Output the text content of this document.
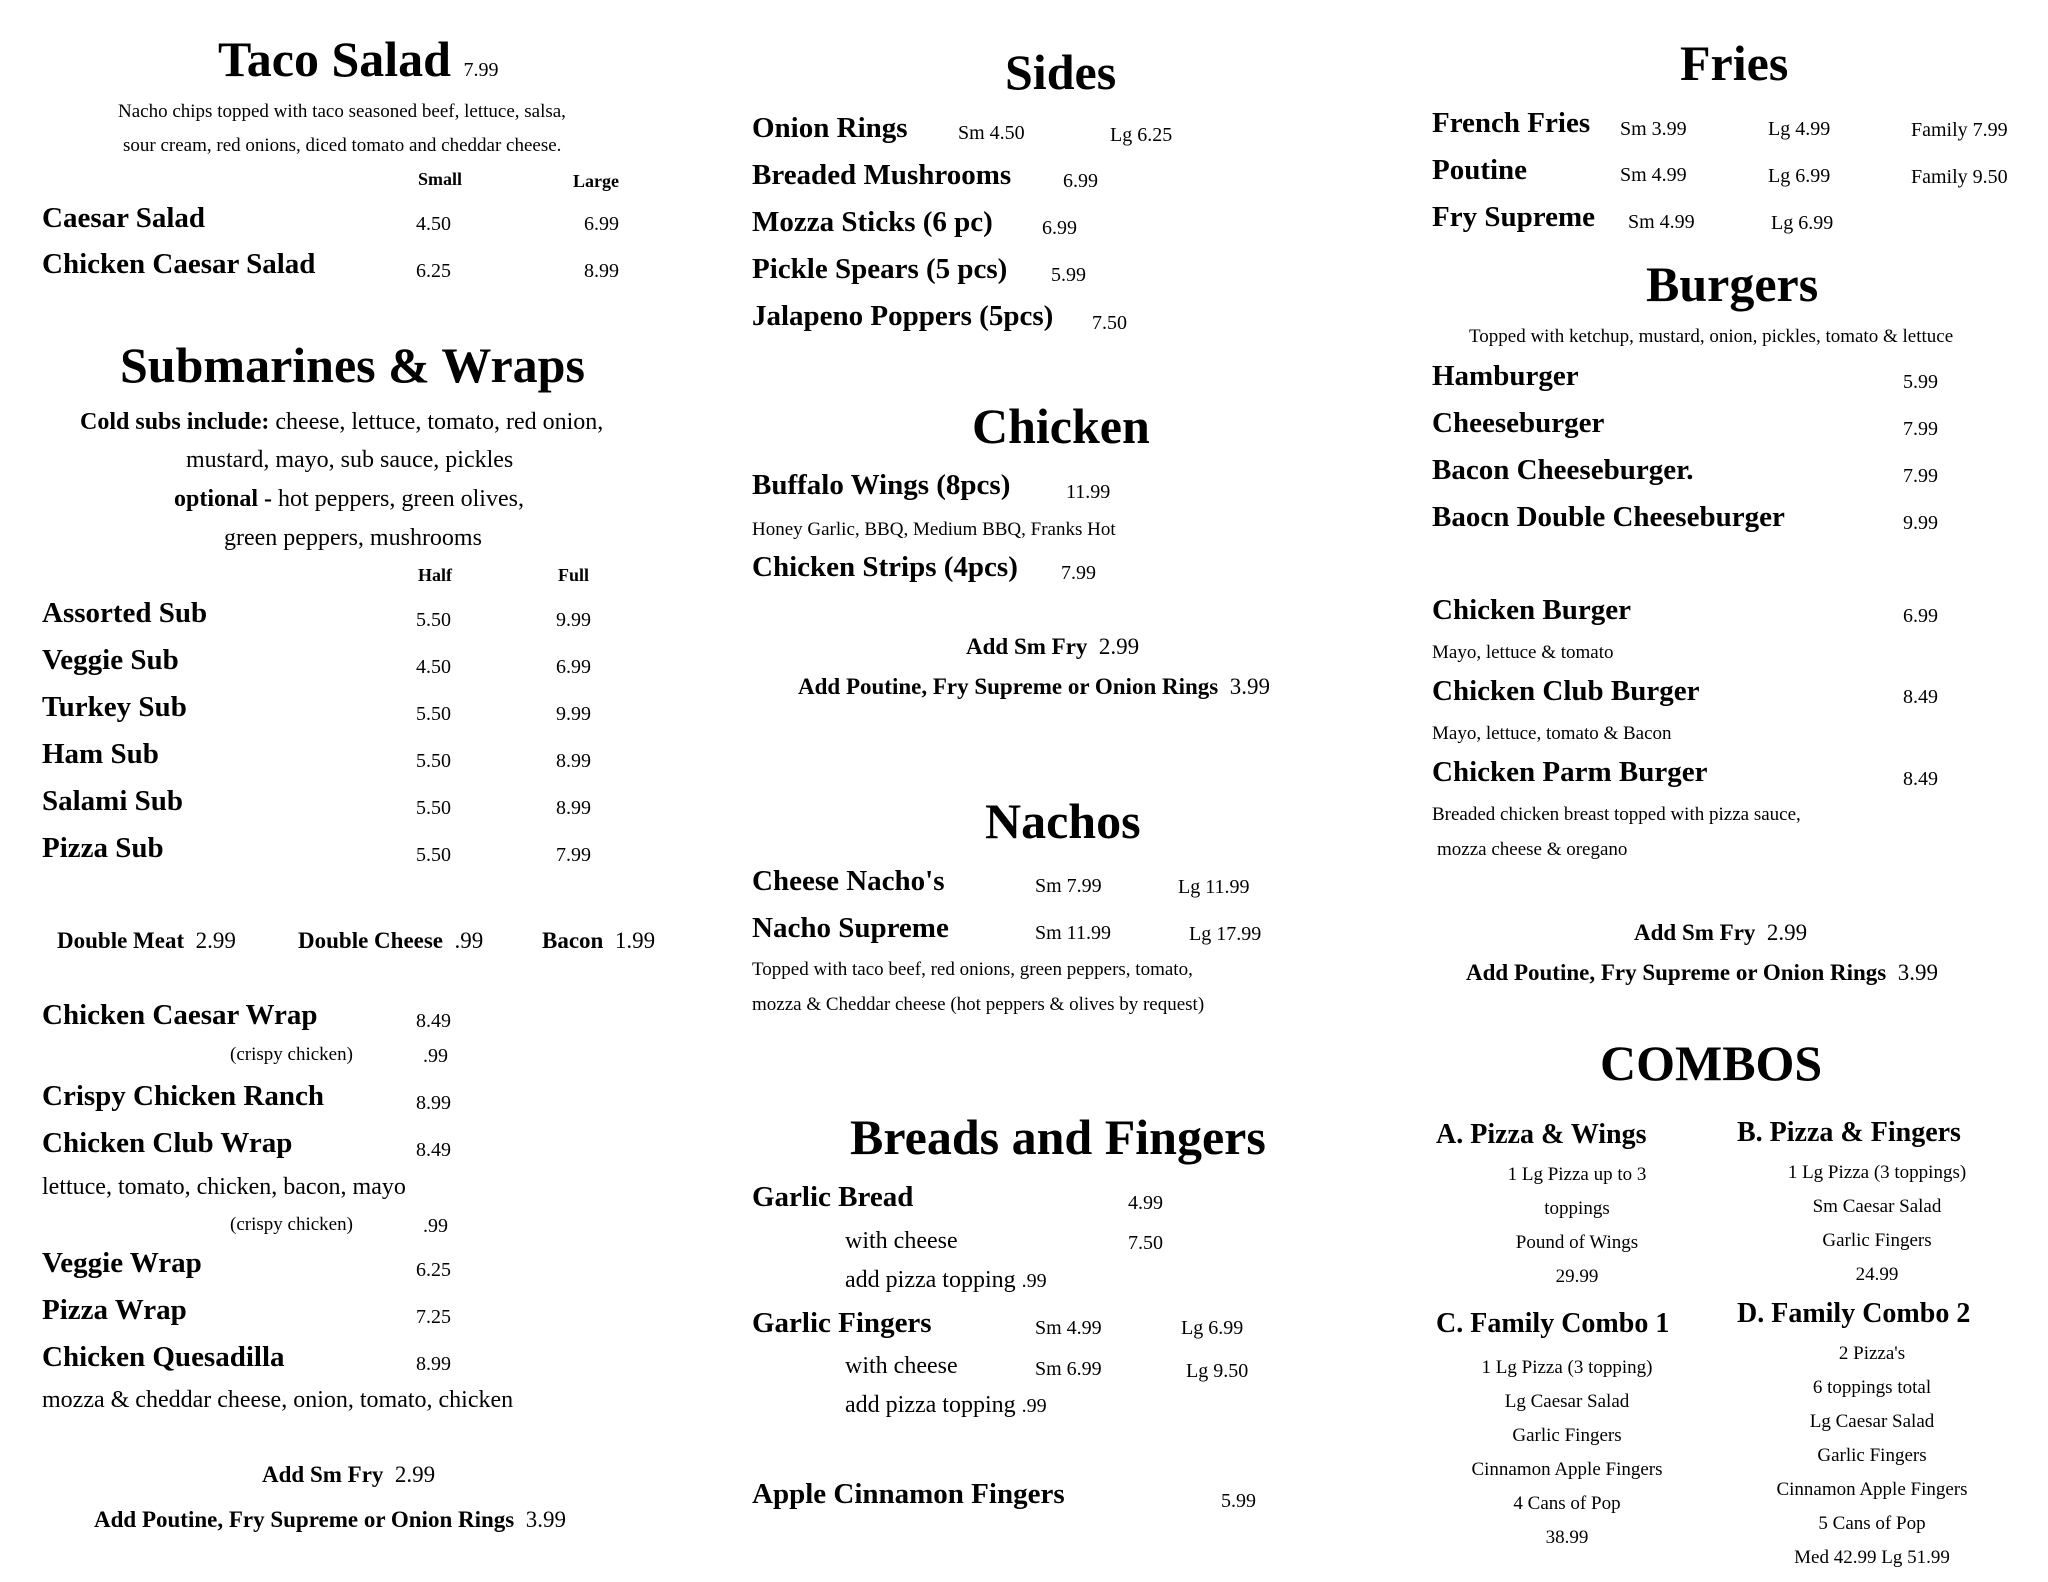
Taco Salad 7.99
Nacho chips topped with taco seasoned beef, lettuce, salsa,
sour cream, red onions, diced tomato and cheddar cheese.
Small	Large
Caesar Salad	4.50	6.99
Chicken Caesar Salad	6.25	8.99
Submarines & Wraps
Cold subs include: cheese, lettuce, tomato, red onion,
mustard, mayo, sub sauce, pickles
optional - hot peppers, green olives,
green peppers, mushrooms
Half	Full
Assorted Sub	5.50	9.99
Veggie Sub	4.50	6.99
Turkey Sub	5.50	9.99
Ham Sub	5.50	8.99
Salami Sub	5.50	8.99
Pizza Sub	5.50	7.99
Double Meat 2.99	Double Cheese .99	Bacon 1.99
Chicken Caesar Wrap	8.49
(crispy chicken)	.99
Crispy Chicken Ranch	8.99
Chicken Club Wrap	8.49
lettuce, tomato, chicken, bacon, mayo
(crispy chicken)	.99
Veggie Wrap	6.25
Pizza Wrap	7.25
Chicken Quesadilla	8.99
mozza & cheddar cheese, onion, tomato, chicken
Add Sm Fry 2.99
Add Poutine, Fry Supreme or Onion Rings 3.99
Sides
Onion Rings	Sm 4.50	Lg 6.25
Breaded Mushrooms	6.99
Mozza Sticks (6 pc) 6.99
Pickle Spears (5 pcs) 5.99
Jalapeno Poppers (5pcs) 7.50
Chicken
Buffalo Wings (8pcs)	11.99
Honey Garlic, BBQ, Medium BBQ, Franks Hot
Chicken Strips (4pcs) 7.99
Add Sm Fry 2.99
Add Poutine, Fry Supreme or Onion Rings 3.99
Nachos
Cheese Nacho's	Sm 7.99	Lg 11.99
Nacho Supreme	Sm 11.99	Lg 17.99
Topped with taco beef, red onions, green peppers, tomato,
mozza & Cheddar cheese (hot peppers & olives by request)
Breads and Fingers
Garlic Bread	4.99
with cheese	7.50
add pizza topping .99
Garlic Fingers	Sm 4.99	Lg 6.99
with cheese	Sm 6.99	Lg 9.50
add pizza topping .99
Apple Cinnamon Fingers	5.99
Fries
French Fries Sm 3.99	Lg 4.99	Family 7.99
Poutine	Sm 4.99	Lg 6.99	Family 9.50
Fry Supreme Sm 4.99	Lg 6.99
Burgers
Topped with ketchup, mustard, onion, pickles, tomato & lettuce
Hamburger	5.99
Cheeseburger	7.99
Bacon Cheeseburger.	7.99
Baocn Double Cheeseburger	9.99
Chicken Burger	6.99
Mayo, lettuce & tomato
Chicken Club Burger	8.49
Mayo, lettuce, tomato & Bacon
Chicken Parm Burger	8.49
Breaded chicken breast topped with pizza sauce,
mozza cheese & oregano
Add Sm Fry 2.99
Add Poutine, Fry Supreme or Onion Rings 3.99
COMBOS
A. Pizza & Wings
1 Lg Pizza up to 3
toppings
Pound of Wings
29.99
B. Pizza & Fingers
1 Lg Pizza (3 toppings)
Sm Caesar Salad
Garlic Fingers
24.99
C. Family Combo 1
1 Lg Pizza (3 topping)
Lg Caesar Salad
Garlic Fingers
Cinnamon Apple Fingers
4 Cans of Pop
38.99
D. Family Combo 2
2 Pizza's
6 toppings total
Lg Caesar Salad
Garlic Fingers
Cinnamon Apple Fingers
5 Cans of Pop
Med 42.99 Lg 51.99
